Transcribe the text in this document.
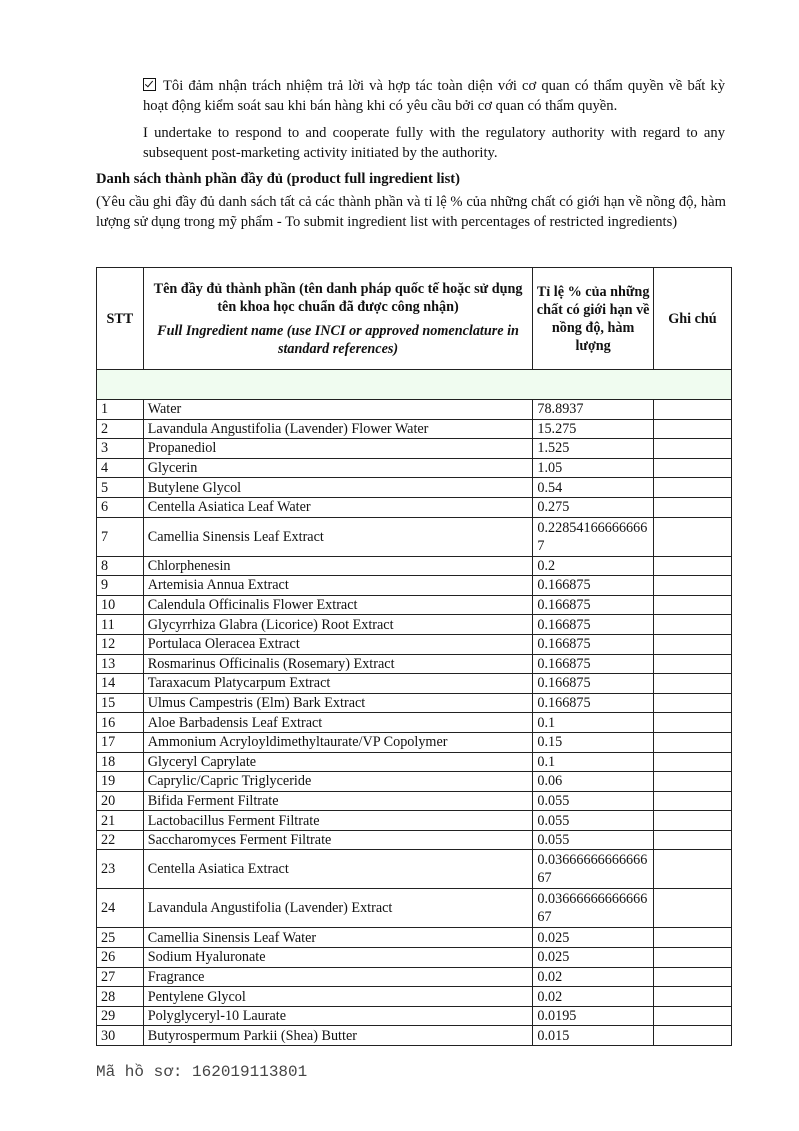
Tôi đảm nhận trách nhiệm trả lời và hợp tác toàn diện với cơ quan có thẩm quyền về bất kỳ hoạt động kiểm soát sau khi bán hàng khi có yêu cầu bởi cơ quan có thẩm quyền.
I undertake to respond to and cooperate fully with the regulatory authority with regard to any subsequent post-marketing activity initiated by the authority.
Danh sách thành phần đầy đủ (product full ingredient list)
(Yêu cầu ghi đầy đủ danh sách tất cả các thành phần và tỉ lệ % của những chất có giới hạn về nồng độ, hàm lượng sử dụng trong mỹ phẩm - To submit ingredient list with percentages of restricted ingredients)
STT	Tên đầy đủ thành phần (tên danh pháp quốc tế hoặc sử dụng tên khoa học chuẩn đã được công nhận)
Full Ingredient name (use INCI or approved nomenclature in standard references)	Tỉ lệ % của những chất có giới hạn về nồng độ, hàm lượng	Ghi chú

1	Water	78.8937	
2	Lavandula Angustifolia (Lavender) Flower Water	15.275	
3	Propanediol	1.525	
4	Glycerin	1.05	
5	Butylene Glycol	0.54	
6	Centella Asiatica Leaf Water	0.275	
7	Camellia Sinensis Leaf Extract	0.228541666666667	
8	Chlorphenesin	0.2	
9	Artemisia Annua Extract	0.166875	
10	Calendula Officinalis Flower Extract	0.166875	
11	Glycyrrhiza Glabra (Licorice) Root Extract	0.166875	
12	Portulaca Oleracea Extract	0.166875	
13	Rosmarinus Officinalis (Rosemary) Extract	0.166875	
14	Taraxacum Platycarpum Extract	0.166875	
15	Ulmus Campestris (Elm) Bark Extract	0.166875	
16	Aloe Barbadensis Leaf Extract	0.1	
17	Ammonium Acryloyldimethyltaurate/VP Copolymer	0.15	
18	Glyceryl Caprylate	0.1	
19	Caprylic/Capric Triglyceride	0.06	
20	Bifida Ferment Filtrate	0.055	
21	Lactobacillus Ferment Filtrate	0.055	
22	Saccharomyces Ferment Filtrate	0.055	
23	Centella Asiatica Extract	0.0366666666666667	
24	Lavandula Angustifolia (Lavender) Extract	0.0366666666666667	
25	Camellia Sinensis Leaf Water	0.025	
26	Sodium Hyaluronate	0.025	
27	Fragrance	0.02	
28	Pentylene Glycol	0.02	
29	Polyglyceryl-10 Laurate	0.0195	
30	Butyrospermum Parkii (Shea) Butter	0.015	
Mã hồ sơ: 162019113801
